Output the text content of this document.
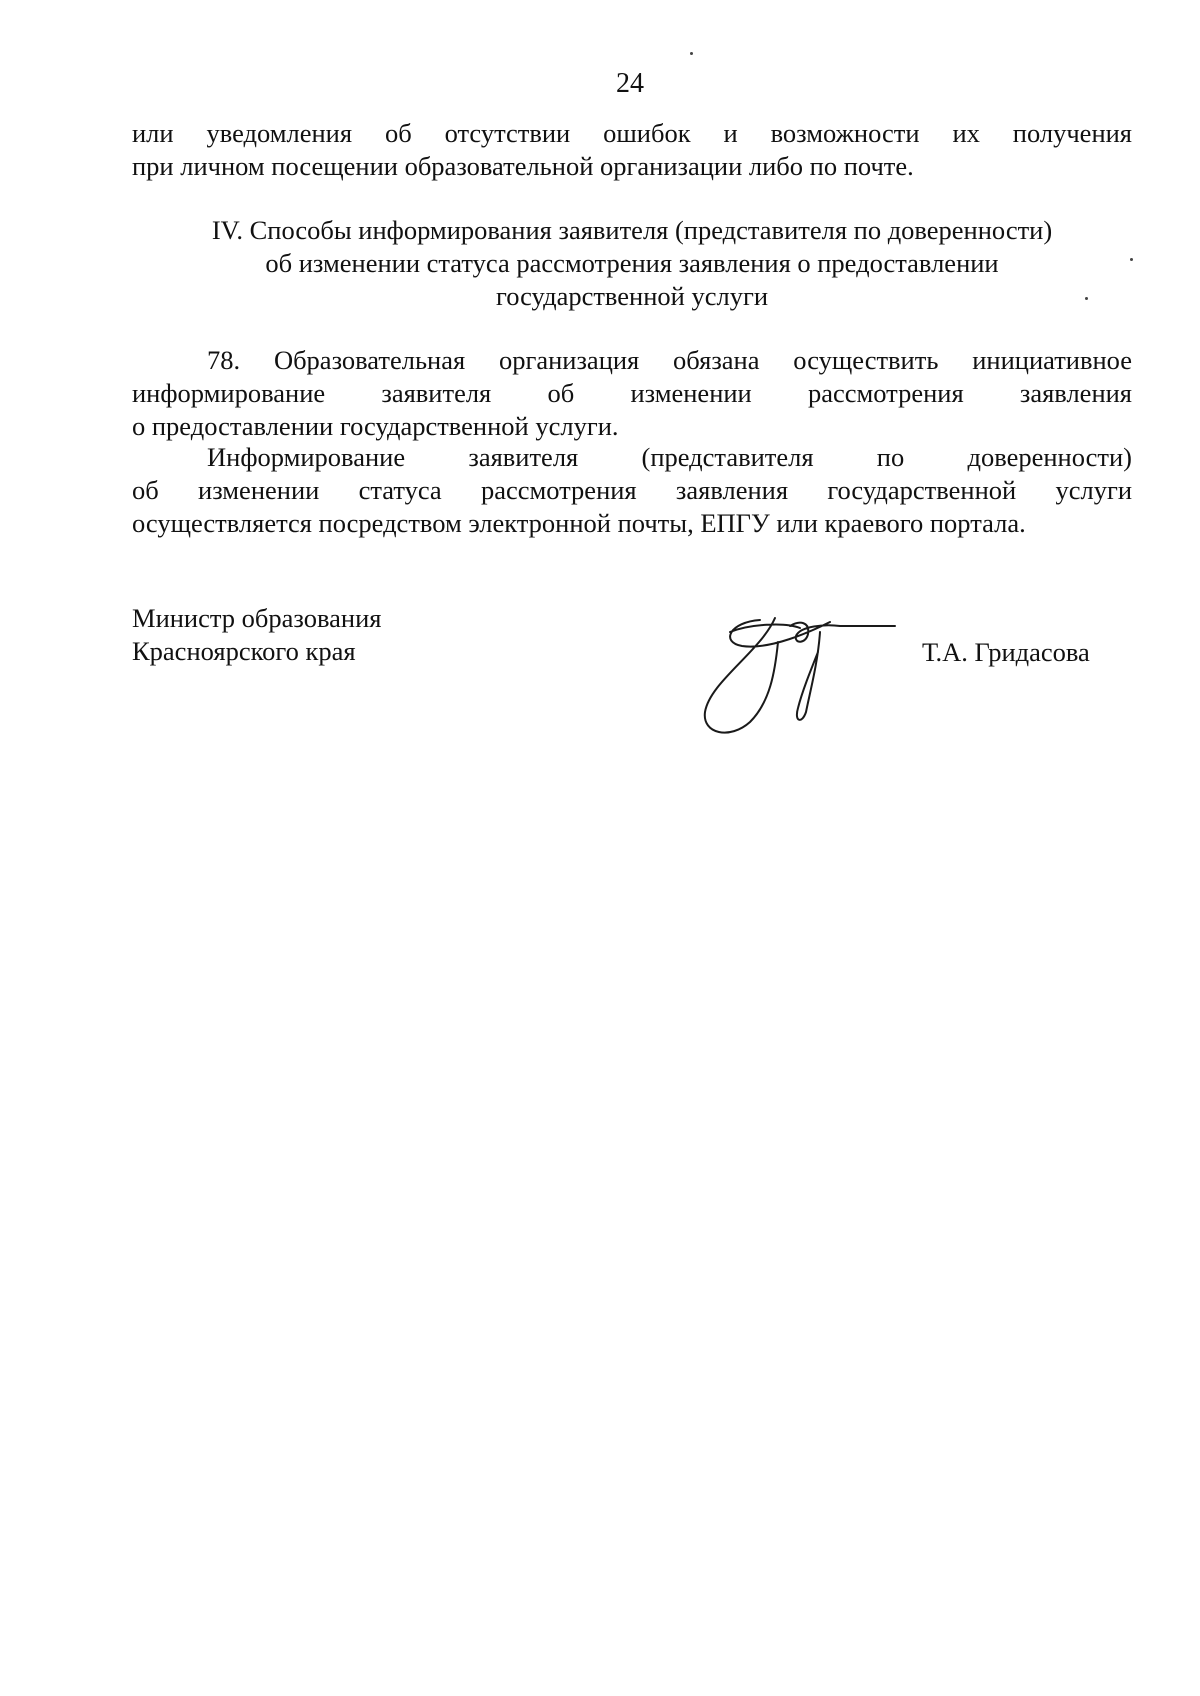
24

или уведомления об отсутствии ошибок и возможности их получения

при личном посещении образовательной организации либо по почте.

IV. Способы информирования заявителя (представителя по доверенности)
об изменении статуса рассмотрения заявления о предоставлении
государственной услуги

78. Образовательная организация обязана осуществить инициативное

информирование заявителя об изменении рассмотрения заявления

о предоставлении государственной услуги.

Информирование заявителя (представителя по доверенности)

об изменении статуса рассмотрения заявления государственной услуги

осуществляется посредством электронной почты, ЕПГУ или краевого портала.

Министр образования
Красноярского края	Т.А. Гридасова
